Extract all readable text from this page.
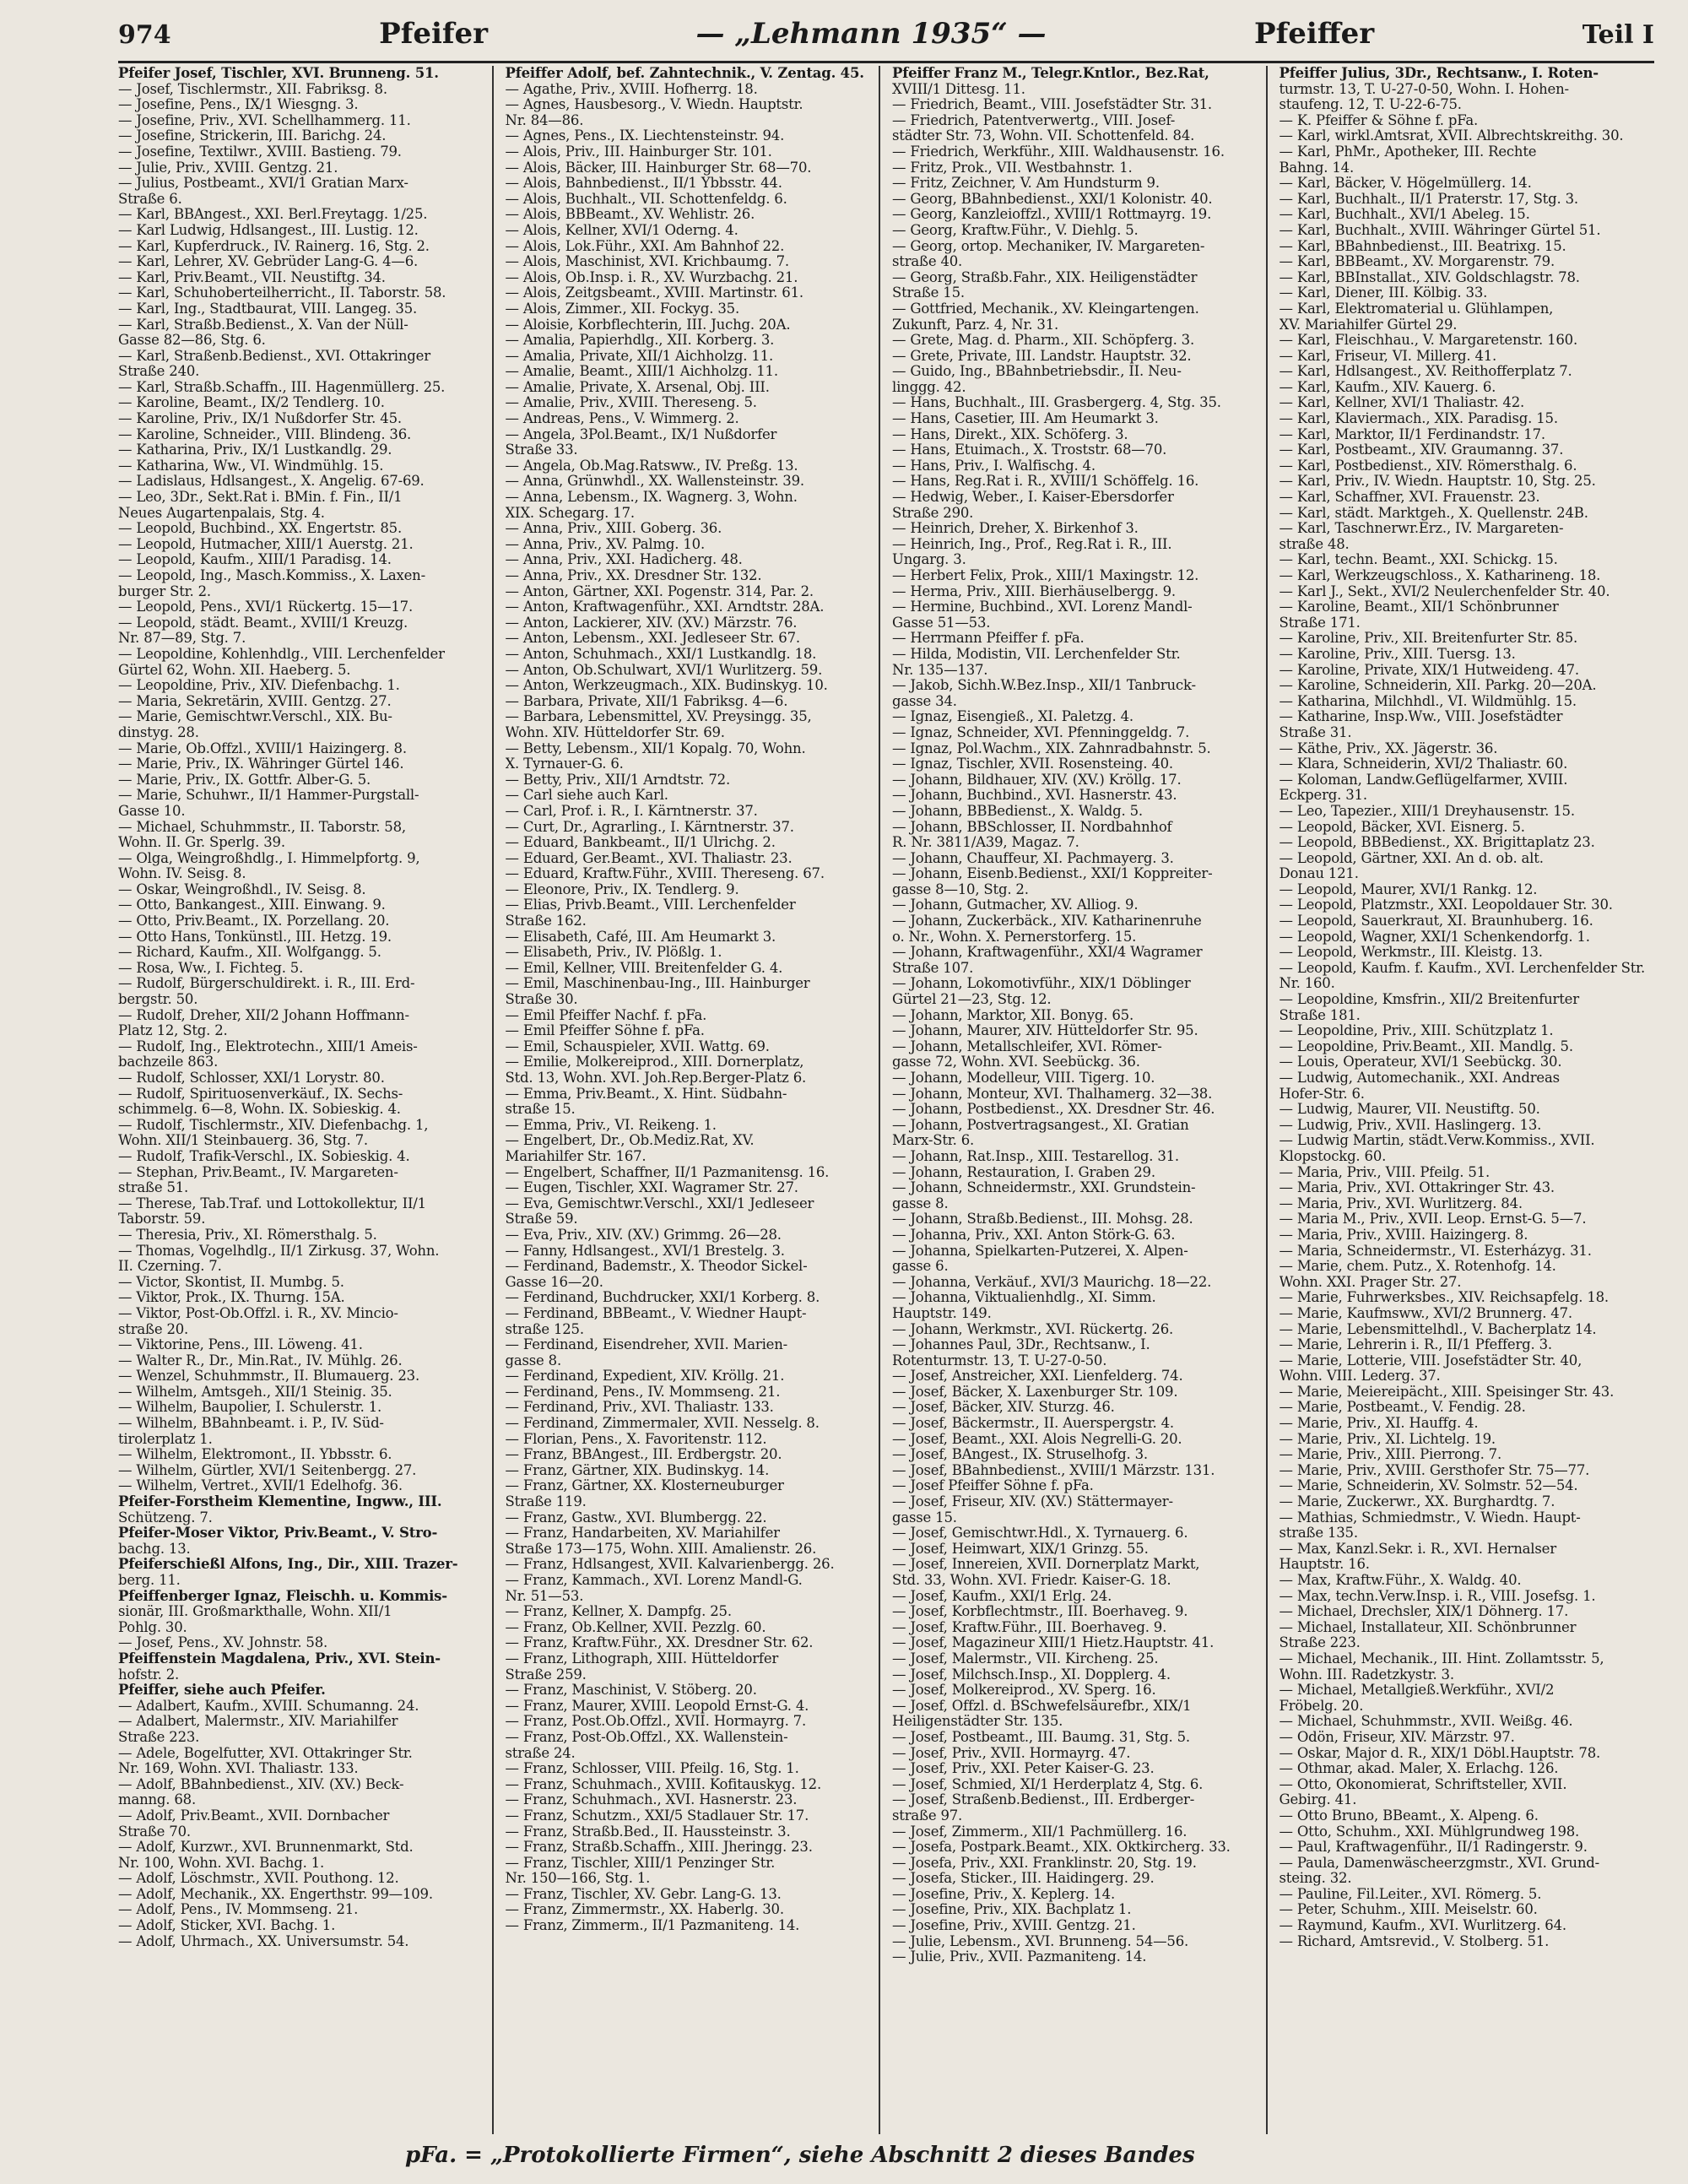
974	Pfeifer	— „Lehmann 1935“ —	Pfeiffer	Teil I

Pfeifer Josef, Tischler, XVI. Brunneng. 51.

— Josef, Tischlermstr., XII. Fabriksg. 8.

— Josefine, Pens., IX/1 Wiesgng. 3.

— Josefine, Priv., XVI. Schellhammerg. 11.

— Josefine, Strickerin, III. Barichg. 24.

— Josefine, Textilwr., XVIII. Bastieng. 79.

— Julie, Priv., XVIII. Gentzg. 21.

— Julius, Postbeamt., XVI/1 Gratian Marx-

Straße 6.

— Karl, BBAngest., XXI. Berl.Freytagg. 1/25.

— Karl Ludwig, Hdlsangest., III. Lustig. 12.

— Karl, Kupferdruck., IV. Rainerg. 16, Stg. 2.

— Karl, Lehrer, XV. Gebrüder Lang-G. 4—6.

— Karl, Priv.Beamt., VII. Neustiftg. 34.

— Karl, Schuhoberteilherricht., II. Taborstr. 58.

— Karl, Ing., Stadtbaurat, VIII. Langeg. 35.

— Karl, Straßb.Bedienst., X. Van der Nüll-

Gasse 82—86, Stg. 6.

— Karl, Straßenb.Bedienst., XVI. Ottakringer

Straße 240.

— Karl, Straßb.Schaffn., III. Hagenmüllerg. 25.

— Karoline, Beamt., IX/2 Tendlerg. 10.

— Karoline, Priv., IX/1 Nußdorfer Str. 45.

— Karoline, Schneider., VIII. Blindeng. 36.

— Katharina, Priv., IX/1 Lustkandlg. 29.

— Katharina, Ww., VI. Windmühlg. 15.

— Ladislaus, Hdlsangest., X. Angelig. 67-69.

— Leo, 3Dr., Sekt.Rat i. BMin. f. Fin., II/1

Neues Augartenpalais, Stg. 4.

— Leopold, Buchbind., XX. Engertstr. 85.

— Leopold, Hutmacher, XIII/1 Auerstg. 21.

— Leopold, Kaufm., XIII/1 Paradisg. 14.

— Leopold, Ing., Masch.Kommiss., X. Laxen-

burger Str. 2.

— Leopold, Pens., XVI/1 Rückertg. 15—17.

— Leopold, städt. Beamt., XVIII/1 Kreuzg.

Nr. 87—89, Stg. 7.

— Leopoldine, Kohlenhdlg., VIII. Lerchenfelder

Gürtel 62, Wohn. XII. Haeberg. 5.

— Leopoldine, Priv., XIV. Diefenbachg. 1.

— Maria, Sekretärin, XVIII. Gentzg. 27.

— Marie, Gemischtwr.Verschl., XIX. Bu-

dinstyg. 28.

— Marie, Ob.Offzl., XVIII/1 Haizingerg. 8.

— Marie, Priv., IX. Währinger Gürtel 146.

— Marie, Priv., IX. Gottfr. Alber-G. 5.

— Marie, Schuhwr., II/1 Hammer-Purgstall-

Gasse 10.

— Michael, Schuhmmstr., II. Taborstr. 58,

Wohn. II. Gr. Sperlg. 39.

— Olga, Weingroßhdlg., I. Himmelpfortg. 9,

Wohn. IV. Seisg. 8.

— Oskar, Weingroßhdl., IV. Seisg. 8.

— Otto, Bankangest., XIII. Einwang. 9.

— Otto, Priv.Beamt., IX. Porzellang. 20.

— Otto Hans, Tonkünstl., III. Hetzg. 19.

— Richard, Kaufm., XII. Wolfgangg. 5.

— Rosa, Ww., I. Fichteg. 5.

— Rudolf, Bürgerschuldirekt. i. R., III. Erd-

bergstr. 50.

— Rudolf, Dreher, XII/2 Johann Hoffmann-

Platz 12, Stg. 2.

— Rudolf, Ing., Elektrotechn., XIII/1 Ameis-

bachzeile 863.

— Rudolf, Schlosser, XXI/1 Lorystr. 80.

— Rudolf, Spirituosenverkäuf., IX. Sechs-

schimmelg. 6—8, Wohn. IX. Sobieskig. 4.

— Rudolf, Tischlermstr., XIV. Diefenbachg. 1,

Wohn. XII/1 Steinbauerg. 36, Stg. 7.

— Rudolf, Trafik-Verschl., IX. Sobieskig. 4.

— Stephan, Priv.Beamt., IV. Margareten-

straße 51.

— Therese, Tab.Traf. und Lottokollektur, II/1

Taborstr. 59.

— Theresia, Priv., XI. Römersthalg. 5.

— Thomas, Vogelhdlg., II/1 Zirkusg. 37, Wohn.

II. Czerning. 7.

— Victor, Skontist, II. Mumbg. 5.

— Viktor, Prok., IX. Thurng. 15A.

— Viktor, Post-Ob.Offzl. i. R., XV. Mincio-

straße 20.

— Viktorine, Pens., III. Löweng. 41.

— Walter R., Dr., Min.Rat., IV. Mühlg. 26.

— Wenzel, Schuhmmstr., II. Blumauerg. 23.

— Wilhelm, Amtsgeh., XII/1 Steinig. 35.

— Wilhelm, Baupolier, I. Schulerstr. 1.

— Wilhelm, BBahnbeamt. i. P., IV. Süd-

tirolerplatz 1.

— Wilhelm, Elektromont., II. Ybbsstr. 6.

— Wilhelm, Gürtler, XVI/1 Seitenbergg. 27.

— Wilhelm, Vertret., XVII/1 Edelhofg. 36.

Pfeifer-Forstheim Klementine, Ingww., III.

Schützeng. 7.

Pfeifer-Moser Viktor, Priv.Beamt., V. Stro-

bachg. 13.

Pfeiferschießl Alfons, Ing., Dir., XIII. Trazer-

berg. 11.

Pfeiffenberger Ignaz, Fleischh. u. Kommis-

sionär, III. Großmarkthalle, Wohn. XII/1

Pohlg. 30.

— Josef, Pens., XV. Johnstr. 58.

Pfeiffenstein Magdalena, Priv., XVI. Stein-

hofstr. 2.

Pfeiffer, siehe auch Pfeifer.

— Adalbert, Kaufm., XVIII. Schumanng. 24.

— Adalbert, Malermstr., XIV. Mariahilfer

Straße 223.

— Adele, Bogelfutter, XVI. Ottakringer Str.

Nr. 169, Wohn. XVI. Thaliastr. 133.

— Adolf, BBahnbedienst., XIV. (XV.) Beck-

manng. 68.

— Adolf, Priv.Beamt., XVII. Dornbacher

Straße 70.

— Adolf, Kurzwr., XVI. Brunnenmarkt, Std.

Nr. 100, Wohn. XVI. Bachg. 1.

— Adolf, Löschmstr., XVII. Pouthong. 12.

— Adolf, Mechanik., XX. Engerthstr. 99—109.

— Adolf, Pens., IV. Mommseng. 21.

— Adolf, Sticker, XVI. Bachg. 1.

— Adolf, Uhrmach., XX. Universumstr. 54.

Pfeiffer Adolf, bef. Zahntechnik., V. Zentag. 45.

— Agathe, Priv., XVIII. Hofherrg. 18.

— Agnes, Hausbesorg., V. Wiedn. Hauptstr.

Nr. 84—86.

— Agnes, Pens., IX. Liechtensteinstr. 94.

— Alois, Priv., III. Hainburger Str. 101.

— Alois, Bäcker, III. Hainburger Str. 68—70.

— Alois, Bahnbedienst., II/1 Ybbsstr. 44.

— Alois, Buchhalt., VII. Schottenfeldg. 6.

— Alois, BBBeamt., XV. Wehlistr. 26.

— Alois, Kellner, XVI/1 Oderng. 4.

— Alois, Lok.Führ., XXI. Am Bahnhof 22.

— Alois, Maschinist, XVI. Krichbaumg. 7.

— Alois, Ob.Insp. i. R., XV. Wurzbachg. 21.

— Alois, Zeitgsbeamt., XVIII. Martinstr. 61.

— Alois, Zimmer., XII. Fockyg. 35.

— Aloisie, Korbflechterin, III. Juchg. 20A.

— Amalia, Papierhdlg., XII. Korberg. 3.

— Amalia, Private, XII/1 Aichholzg. 11.

— Amalie, Beamt., XIII/1 Aichholzg. 11.

— Amalie, Private, X. Arsenal, Obj. III.

— Amalie, Priv., XVIII. Thereseng. 5.

— Andreas, Pens., V. Wimmerg. 2.

— Angela, 3Pol.Beamt., IX/1 Nußdorfer

Straße 33.

— Angela, Ob.Mag.Ratsww., IV. Preßg. 13.

— Anna, Grünwhdl., XX. Wallensteinstr. 39.

— Anna, Lebensm., IX. Wagnerg. 3, Wohn.

XIX. Schegarg. 17.

— Anna, Priv., XIII. Goberg. 36.

— Anna, Priv., XV. Palmg. 10.

— Anna, Priv., XXI. Hadicherg. 48.

— Anna, Priv., XX. Dresdner Str. 132.

— Anton, Gärtner, XXI. Pogenstr. 314, Par. 2.

— Anton, Kraftwagenführ., XXI. Arndtstr. 28A.

— Anton, Lackierer, XIV. (XV.) Märzstr. 76.

— Anton, Lebensm., XXI. Jedleseer Str. 67.

— Anton, Schuhmach., XXI/1 Lustkandlg. 18.

— Anton, Ob.Schulwart, XVI/1 Wurlitzerg. 59.

— Anton, Werkzeugmach., XIX. Budinskyg. 10.

— Barbara, Private, XII/1 Fabriksg. 4—6.

— Barbara, Lebensmittel, XV. Preysingg. 35,

Wohn. XIV. Hütteldorfer Str. 69.

— Betty, Lebensm., XII/1 Kopalg. 70, Wohn.

X. Tyrnauer-G. 6.

— Betty, Priv., XII/1 Arndtstr. 72.

— Carl siehe auch Karl.

— Carl, Prof. i. R., I. Kärntnerstr. 37.

— Curt, Dr., Agrarling., I. Kärntnerstr. 37.

— Eduard, Bankbeamt., II/1 Ulrichg. 2.

— Eduard, Ger.Beamt., XVI. Thaliastr. 23.

— Eduard, Kraftw.Führ., XVIII. Thereseng. 67.

— Eleonore, Priv., IX. Tendlerg. 9.

— Elias, Privb.Beamt., VIII. Lerchenfelder

Straße 162.

— Elisabeth, Café, III. Am Heumarkt 3.

— Elisabeth, Priv., IV. Plößlg. 1.

— Emil, Kellner, VIII. Breitenfelder G. 4.

— Emil, Maschinenbau-Ing., III. Hainburger

Straße 30.

— Emil Pfeiffer Nachf. f. pFa.

— Emil Pfeiffer Söhne f. pFa.

— Emil, Schauspieler, XVII. Wattg. 69.

— Emilie, Molkereiprod., XIII. Dornerplatz,

Std. 13, Wohn. XVI. Joh.Rep.Berger-Platz 6.

— Emma, Priv.Beamt., X. Hint. Südbahn-

straße 15.

— Emma, Priv., VI. Reikeng. 1.

— Engelbert, Dr., Ob.Mediz.Rat, XV.

Mariahilfer Str. 167.

— Engelbert, Schaffner, II/1 Pazmanitensg. 16.

— Eugen, Tischler, XXI. Wagramer Str. 27.

— Eva, Gemischtwr.Verschl., XXI/1 Jedleseer

Straße 59.

— Eva, Priv., XIV. (XV.) Grimmg. 26—28.

— Fanny, Hdlsangest., XVI/1 Brestelg. 3.

— Ferdinand, Bademstr., X. Theodor Sickel-

Gasse 16—20.

— Ferdinand, Buchdrucker, XXI/1 Korberg. 8.

— Ferdinand, BBBeamt., V. Wiedner Haupt-

straße 125.

— Ferdinand, Eisendreher, XVII. Marien-

gasse 8.

— Ferdinand, Expedient, XIV. Kröllg. 21.

— Ferdinand, Pens., IV. Mommseng. 21.

— Ferdinand, Priv., XVI. Thaliastr. 133.

— Ferdinand, Zimmermaler, XVII. Nesselg. 8.

— Florian, Pens., X. Favoritenstr. 112.

— Franz, BBAngest., III. Erdbergstr. 20.

— Franz, Gärtner, XIX. Budinskyg. 14.

— Franz, Gärtner, XX. Klosterneuburger

Straße 119.

— Franz, Gastw., XVI. Blumbergg. 22.

— Franz, Handarbeiten, XV. Mariahilfer

Straße 173—175, Wohn. XIII. Amalienstr. 26.

— Franz, Hdlsangest, XVII. Kalvarienbergg. 26.

— Franz, Kammach., XVI. Lorenz Mandl-G.

Nr. 51—53.

— Franz, Kellner, X. Dampfg. 25.

— Franz, Ob.Kellner, XVII. Pezzlg. 60.

— Franz, Kraftw.Führ., XX. Dresdner Str. 62.

— Franz, Lithograph, XIII. Hütteldorfer

Straße 259.

— Franz, Maschinist, V. Stöberg. 20.

— Franz, Maurer, XVIII. Leopold Ernst-G. 4.

— Franz, Post.Ob.Offzl., XVII. Hormayrg. 7.

— Franz, Post-Ob.Offzl., XX. Wallenstein-

straße 24.

— Franz, Schlosser, VIII. Pfeilg. 16, Stg. 1.

— Franz, Schuhmach., XVIII. Kofitauskyg. 12.

— Franz, Schuhmach., XVI. Hasnerstr. 23.

— Franz, Schutzm., XXI/5 Stadlauer Str. 17.

— Franz, Straßb.Bed., II. Haussteinstr. 3.

— Franz, Straßb.Schaffn., XIII. Jheringg. 23.

— Franz, Tischler, XIII/1 Penzinger Str.

Nr. 150—166, Stg. 1.

— Franz, Tischler, XV. Gebr. Lang-G. 13.

— Franz, Zimmermstr., XX. Haberlg. 30.

— Franz, Zimmerm., II/1 Pazmaniteng. 14.

Pfeiffer Franz M., Telegr.Kntlor., Bez.Rat,

XVIII/1 Dittesg. 11.

— Friedrich, Beamt., VIII. Josefstädter Str. 31.

— Friedrich, Patentverwertg., VIII. Josef-

städter Str. 73, Wohn. VII. Schottenfeld. 84.

— Friedrich, Werkführ., XIII. Waldhausenstr. 16.

— Fritz, Prok., VII. Westbahnstr. 1.

— Fritz, Zeichner, V. Am Hundsturm 9.

— Georg, BBahnbedienst., XXI/1 Kolonistr. 40.

— Georg, Kanzleioffzl., XVIII/1 Rottmayrg. 19.

— Georg, Kraftw.Führ., V. Diehlg. 5.

— Georg, ortop. Mechaniker, IV. Margareten-

straße 40.

— Georg, Straßb.Fahr., XIX. Heiligenstädter

Straße 15.

— Gottfried, Mechanik., XV. Kleingartengen.

Zukunft, Parz. 4, Nr. 31.

— Grete, Mag. d. Pharm., XII. Schöpferg. 3.

— Grete, Private, III. Landstr. Hauptstr. 32.

— Guido, Ing., BBahnbetriebsdir., II. Neu-

linggg. 42.

— Hans, Buchhalt., III. Grasbergerg. 4, Stg. 35.

— Hans, Casetier, III. Am Heumarkt 3.

— Hans, Direkt., XIX. Schöferg. 3.

— Hans, Etuimach., X. Troststr. 68—70.

— Hans, Priv., I. Walfischg. 4.

— Hans, Reg.Rat i. R., XVIII/1 Schöffelg. 16.

— Hedwig, Weber., I. Kaiser-Ebersdorfer

Straße 290.

— Heinrich, Dreher, X. Birkenhof 3.

— Heinrich, Ing., Prof., Reg.Rat i. R., III.

Ungarg. 3.

— Herbert Felix, Prok., XIII/1 Maxingstr. 12.

— Herma, Priv., XIII. Bierhäuselbergg. 9.

— Hermine, Buchbind., XVI. Lorenz Mandl-

Gasse 51—53.

— Herrmann Pfeiffer f. pFa.

— Hilda, Modistin, VII. Lerchenfelder Str.

Nr. 135—137.

— Jakob, Sichh.W.Bez.Insp., XII/1 Tanbruck-

gasse 34.

— Ignaz, Eisengieß., XI. Paletzg. 4.

— Ignaz, Schneider, XVI. Pfenninggeldg. 7.

— Ignaz, Pol.Wachm., XIX. Zahnradbahnstr. 5.

— Ignaz, Tischler, XVII. Rosensteing. 40.

— Johann, Bildhauer, XIV. (XV.) Kröllg. 17.

— Johann, Buchbind., XVI. Hasnerstr. 43.

— Johann, BBBedienst., X. Waldg. 5.

— Johann, BBSchlosser, II. Nordbahnhof

R. Nr. 3811/A39, Magaz. 7.

— Johann, Chauffeur, XI. Pachmayerg. 3.

— Johann, Eisenb.Bedienst., XXI/1 Koppreiter-

gasse 8—10, Stg. 2.

— Johann, Gutmacher, XV. Alliog. 9.

— Johann, Zuckerbäck., XIV. Katharinenruhe

o. Nr., Wohn. X. Pernerstorferg. 15.

— Johann, Kraftwagenführ., XXI/4 Wagramer

Straße 107.

— Johann, Lokomotivführ., XIX/1 Döblinger

Gürtel 21—23, Stg. 12.

— Johann, Marktor, XII. Bonyg. 65.

— Johann, Maurer, XIV. Hütteldorfer Str. 95.

— Johann, Metallschleifer, XVI. Römer-

gasse 72, Wohn. XVI. Seebückg. 36.

— Johann, Modelleur, VIII. Tigerg. 10.

— Johann, Monteur, XVI. Thalhamerg. 32—38.

— Johann, Postbedienst., XX. Dresdner Str. 46.

— Johann, Postvertragsangest., XI. Gratian

Marx-Str. 6.

— Johann, Rat.Insp., XIII. Testarellog. 31.

— Johann, Restauration, I. Graben 29.

— Johann, Schneidermstr., XXI. Grundstein-

gasse 8.

— Johann, Straßb.Bedienst., III. Mohsg. 28.

— Johanna, Priv., XXI. Anton Störk-G. 63.

— Johanna, Spielkarten-Putzerei, X. Alpen-

gasse 6.

— Johanna, Verkäuf., XVI/3 Maurichg. 18—22.

— Johanna, Viktualienhdlg., XI. Simm.

Hauptstr. 149.

— Johann, Werkmstr., XVI. Rückertg. 26.

— Johannes Paul, 3Dr., Rechtsanw., I.

Rotenturmstr. 13, T. U-27-0-50.

— Josef, Anstreicher, XXI. Lienfelderg. 74.

— Josef, Bäcker, X. Laxenburger Str. 109.

— Josef, Bäcker, XIV. Sturzg. 46.

— Josef, Bäckermstr., II. Auerspergstr. 4.

— Josef, Beamt., XXI. Alois Negrelli-G. 20.

— Josef, BAngest., IX. Struselhofg. 3.

— Josef, BBahnbedienst., XVIII/1 Märzstr. 131.

— Josef Pfeiffer Söhne f. pFa.

— Josef, Friseur, XIV. (XV.) Stättermayer-

gasse 15.

— Josef, Gemischtwr.Hdl., X. Tyrnauerg. 6.

— Josef, Heimwart, XIX/1 Grinzg. 55.

— Josef, Innereien, XVII. Dornerplatz Markt,

Std. 33, Wohn. XVI. Friedr. Kaiser-G. 18.

— Josef, Kaufm., XXI/1 Erlg. 24.

— Josef, Korbflechtmstr., III. Boerhaveg. 9.

— Josef, Kraftw.Führ., III. Boerhaveg. 9.

— Josef, Magazineur XIII/1 Hietz.Hauptstr. 41.

— Josef, Malermstr., VII. Kircheng. 25.

— Josef, Milchsch.Insp., XI. Dopplerg. 4.

— Josef, Molkereiprod., XV. Sperg. 16.

— Josef, Offzl. d. BSchwefelsäurefbr., XIX/1

Heiligenstädter Str. 135.

— Josef, Postbeamt., III. Baumg. 31, Stg. 5.

— Josef, Priv., XVII. Hormayrg. 47.

— Josef, Priv., XXI. Peter Kaiser-G. 23.

— Josef, Schmied, XI/1 Herderplatz 4, Stg. 6.

— Josef, Straßenb.Bedienst., III. Erdberger-

straße 97.

— Josef, Zimmerm., XII/1 Pachmüllerg. 16.

— Josefa, Postpark.Beamt., XIX. Oktkircherg. 33.

— Josefa, Priv., XXI. Franklinstr. 20, Stg. 19.

— Josefa, Sticker., III. Haidingerg. 29.

— Josefine, Priv., X. Keplerg. 14.

— Josefine, Priv., XIX. Bachplatz 1.

— Josefine, Priv., XVIII. Gentzg. 21.

— Julie, Lebensm., XVI. Brunneng. 54—56.

— Julie, Priv., XVII. Pazmaniteng. 14.

Pfeiffer Julius, 3Dr., Rechtsanw., I. Roten-

turmstr. 13, T. U-27-0-50, Wohn. I. Hohen-

staufeng. 12, T. U-22-6-75.

— K. Pfeiffer & Söhne f. pFa.

— Karl, wirkl.Amtsrat, XVII. Albrechtskreithg. 30.

— Karl, PhMr., Apotheker, III. Rechte

Bahng. 14.

— Karl, Bäcker, V. Högelmüllerg. 14.

— Karl, Buchhalt., II/1 Praterstr. 17, Stg. 3.

— Karl, Buchhalt., XVI/1 Abeleg. 15.

— Karl, Buchhalt., XVIII. Währinger Gürtel 51.

— Karl, BBahnbedienst., III. Beatrixg. 15.

— Karl, BBBeamt., XV. Morgarenstr. 79.

— Karl, BBInstallat., XIV. Goldschlagstr. 78.

— Karl, Diener, III. Kölbig. 33.

— Karl, Elektromaterial u. Glühlampen,

XV. Mariahilfer Gürtel 29.

— Karl, Fleischhau., V. Margaretenstr. 160.

— Karl, Friseur, VI. Millerg. 41.

— Karl, Hdlsangest., XV. Reithofferplatz 7.

— Karl, Kaufm., XIV. Kauerg. 6.

— Karl, Kellner, XVI/1 Thaliastr. 42.

— Karl, Klaviermach., XIX. Paradisg. 15.

— Karl, Marktor, II/1 Ferdinandstr. 17.

— Karl, Postbeamt., XIV. Graumanng. 37.

— Karl, Postbedienst., XIV. Römersthalg. 6.

— Karl, Priv., IV. Wiedn. Hauptstr. 10, Stg. 25.

— Karl, Schaffner, XVI. Frauenstr. 23.

— Karl, städt. Marktgeh., X. Quellenstr. 24B.

— Karl, Taschnerwr.Erz., IV. Margareten-

straße 48.

— Karl, techn. Beamt., XXI. Schickg. 15.

— Karl, Werkzeugschloss., X. Katharineng. 18.

— Karl J., Sekt., XVI/2 Neulerchenfelder Str. 40.

— Karoline, Beamt., XII/1 Schönbrunner

Straße 171.

— Karoline, Priv., XII. Breitenfurter Str. 85.

— Karoline, Priv., XIII. Tuersg. 13.

— Karoline, Private, XIX/1 Hutweideng. 47.

— Karoline, Schneiderin, XII. Parkg. 20—20A.

— Katharina, Milchhdl., VI. Wildmühlg. 15.

— Katharine, Insp.Ww., VIII. Josefstädter

Straße 31.

— Käthe, Priv., XX. Jägerstr. 36.

— Klara, Schneiderin, XVI/2 Thaliastr. 60.

— Koloman, Landw.Geflügelfarmer, XVIII.

Eckperg. 31.

— Leo, Tapezier., XIII/1 Dreyhausenstr. 15.

— Leopold, Bäcker, XVI. Eisnerg. 5.

— Leopold, BBBedienst., XX. Brigittaplatz 23.

— Leopold, Gärtner, XXI. An d. ob. alt.

Donau 121.

— Leopold, Maurer, XVI/1 Rankg. 12.

— Leopold, Platzmstr., XXI. Leopoldauer Str. 30.

— Leopold, Sauerkraut, XI. Braunhuberg. 16.

— Leopold, Wagner, XXI/1 Schenkendorfg. 1.

— Leopold, Werkmstr., III. Kleistg. 13.

— Leopold, Kaufm. f. Kaufm., XVI. Lerchenfelder Str.

Nr. 160.

— Leopoldine, Kmsfrin., XII/2 Breitenfurter

Straße 181.

— Leopoldine, Priv., XIII. Schützplatz 1.

— Leopoldine, Priv.Beamt., XII. Mandlg. 5.

— Louis, Operateur, XVI/1 Seebückg. 30.

— Ludwig, Automechanik., XXI. Andreas

Hofer-Str. 6.

— Ludwig, Maurer, VII. Neustiftg. 50.

— Ludwig, Priv., XVII. Haslingerg. 13.

— Ludwig Martin, städt.Verw.Kommiss., XVII.

Klopstockg. 60.

— Maria, Priv., VIII. Pfeilg. 51.

— Maria, Priv., XVI. Ottakringer Str. 43.

— Maria, Priv., XVI. Wurlitzerg. 84.

— Maria M., Priv., XVII. Leop. Ernst-G. 5—7.

— Maria, Priv., XVIII. Haizingerg. 8.

— Maria, Schneidermstr., VI. Esterházyg. 31.

— Marie, chem. Putz., X. Rotenhofg. 14.

Wohn. XXI. Prager Str. 27.

— Marie, Fuhrwerksbes., XIV. Reichsapfelg. 18.

— Marie, Kaufmsww., XVI/2 Brunnerg. 47.

— Marie, Lebensmittelhdl., V. Bacherplatz 14.

— Marie, Lehrerin i. R., II/1 Pfefferg. 3.

— Marie, Lotterie, VIII. Josefstädter Str. 40,

Wohn. VIII. Lederg. 37.

— Marie, Meiereipächt., XIII. Speisinger Str. 43.

— Marie, Postbeamt., V. Fendig. 28.

— Marie, Priv., XI. Hauffg. 4.

— Marie, Priv., XI. Lichtelg. 19.

— Marie, Priv., XIII. Pierrong. 7.

— Marie, Priv., XVIII. Gersthofer Str. 75—77.

— Marie, Schneiderin, XV. Solmstr. 52—54.

— Marie, Zuckerwr., XX. Burghardtg. 7.

— Mathias, Schmiedmstr., V. Wiedn. Haupt-

straße 135.

— Max, Kanzl.Sekr. i. R., XVI. Hernalser

Hauptstr. 16.

— Max, Kraftw.Führ., X. Waldg. 40.

— Max, techn.Verw.Insp. i. R., VIII. Josefsg. 1.

— Michael, Drechsler, XIX/1 Döhnerg. 17.

— Michael, Installateur, XII. Schönbrunner

Straße 223.

— Michael, Mechanik., III. Hint. Zollamtsstr. 5,

Wohn. III. Radetzkystr. 3.

— Michael, Metallgieß.Werkführ., XVI/2

Fröbelg. 20.

— Michael, Schuhmmstr., XVII. Weißg. 46.

— Ödön, Friseur, XIV. Märzstr. 97.

— Oskar, Major d. R., XIX/1 Döbl.Hauptstr. 78.

— Othmar, akad. Maler, X. Erlachg. 126.

— Otto, Ökonomierat, Schriftsteller, XVII.

Gebirg. 41.

— Otto Bruno, BBeamt., X. Alpeng. 6.

— Otto, Schuhm., XXI. Mühlgrundweg 198.

— Paul, Kraftwagenführ., II/1 Radingerstr. 9.

— Paula, Damenwäscheerzgmstr., XVI. Grund-

steing. 32.

— Pauline, Fil.Leiter., XVI. Römerg. 5.

— Peter, Schuhm., XIII. Meiselstr. 60.

— Raymund, Kaufm., XVI. Wurlitzerg. 64.

— Richard, Amtsrevid., V. Stolberg. 51.

pFa. = „Protokollierte Firmen“, siehe Abschnitt 2 dieses Bandes
